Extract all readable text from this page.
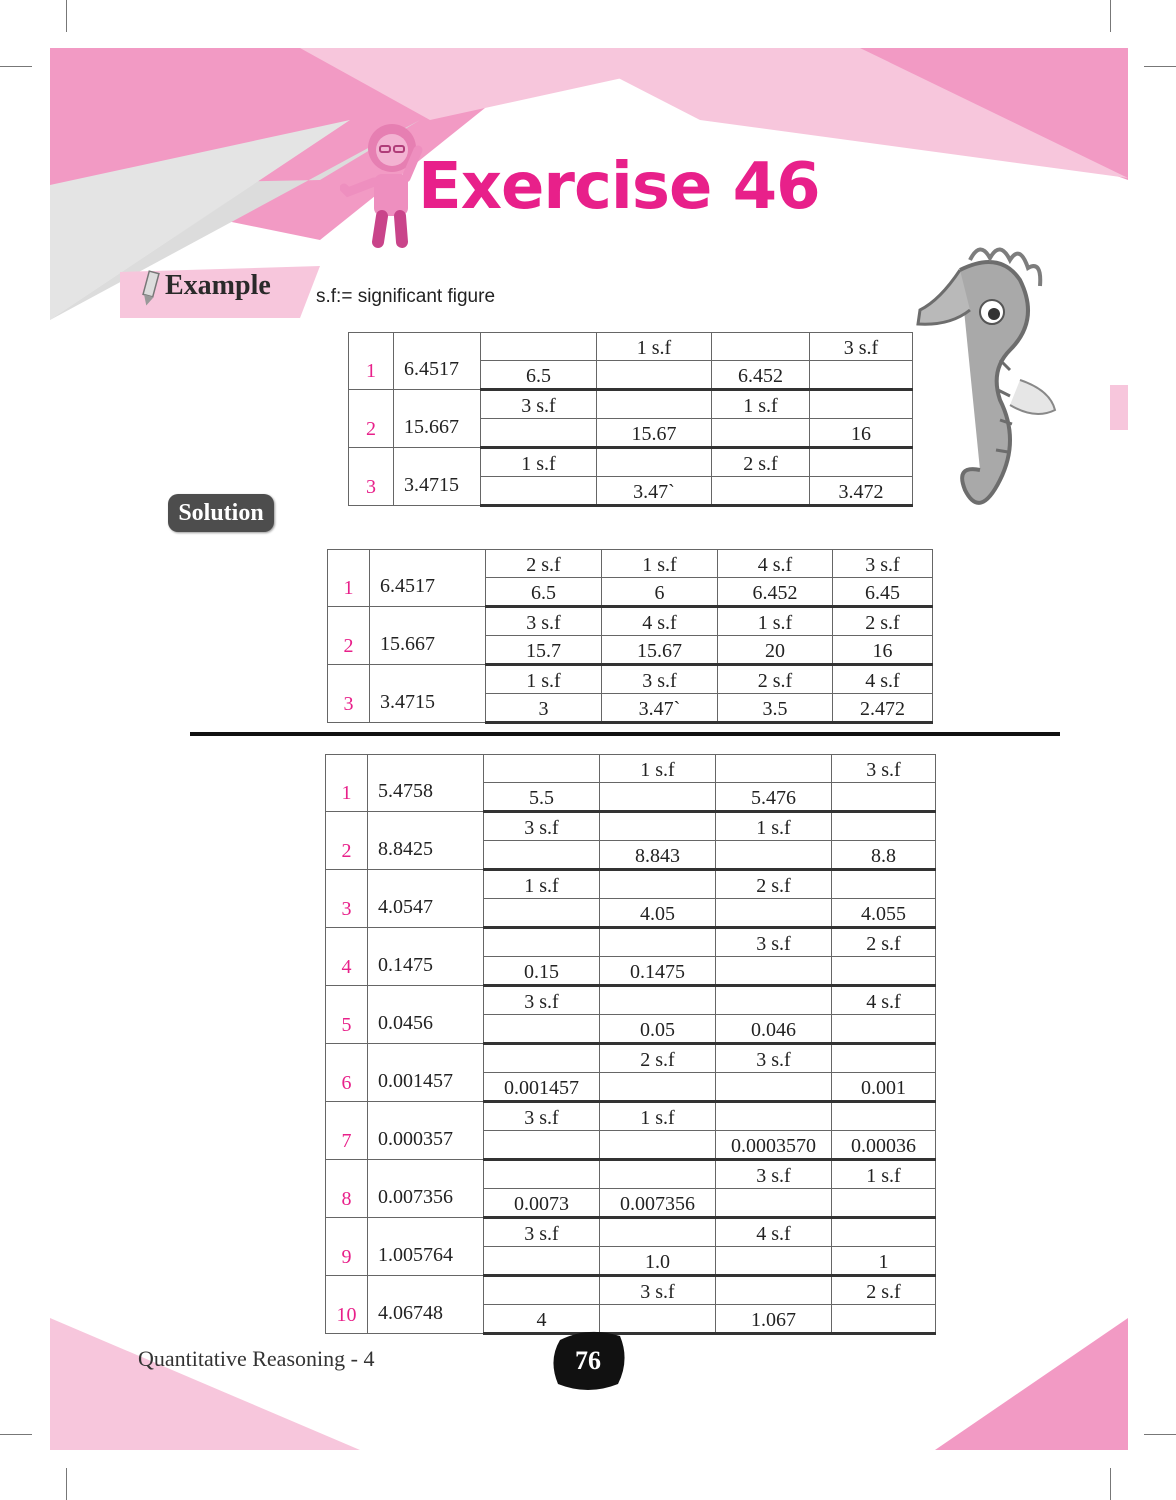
Exercise 46
Example s.f:= significant figure
1	6.4517		1 s.f		3 s.f
		6.5		6.452	
2	15.667	3 s.f		1 s.f	
			15.67		16
3	3.4715	1 s.f		2 s.f	
			3.47`		3.472
Solution
1	6.4517	2 s.f	1 s.f	4 s.f	3 s.f
		6.5	6	6.452	6.45
2	15.667	3 s.f	4 s.f	1 s.f	2 s.f
		15.7	15.67	20	16
3	3.4715	1 s.f	3 s.f	2 s.f	4 s.f
		3	3.47`	3.5	2.472
1	5.4758		1 s.f		3 s.f
		5.5		5.476	
2	8.8425	3 s.f		1 s.f	
			8.843		8.8
3	4.0547	1 s.f		2 s.f	
			4.05		4.055
4	0.1475			3 s.f	2 s.f
		0.15	0.1475		
5	0.0456	3 s.f			4 s.f
			0.05	0.046	
6	0.001457		2 s.f	3 s.f	
		0.001457			0.001
7	0.000357	3 s.f	1 s.f		
				0.0003570	0.00036
8	0.007356			3 s.f	1 s.f
		0.0073	0.007356		
9	1.005764	3 s.f		4 s.f	
			1.0		1
10	4.06748		3 s.f		2 s.f
		4		1.067	
Quantitative Reasoning - 4	76
